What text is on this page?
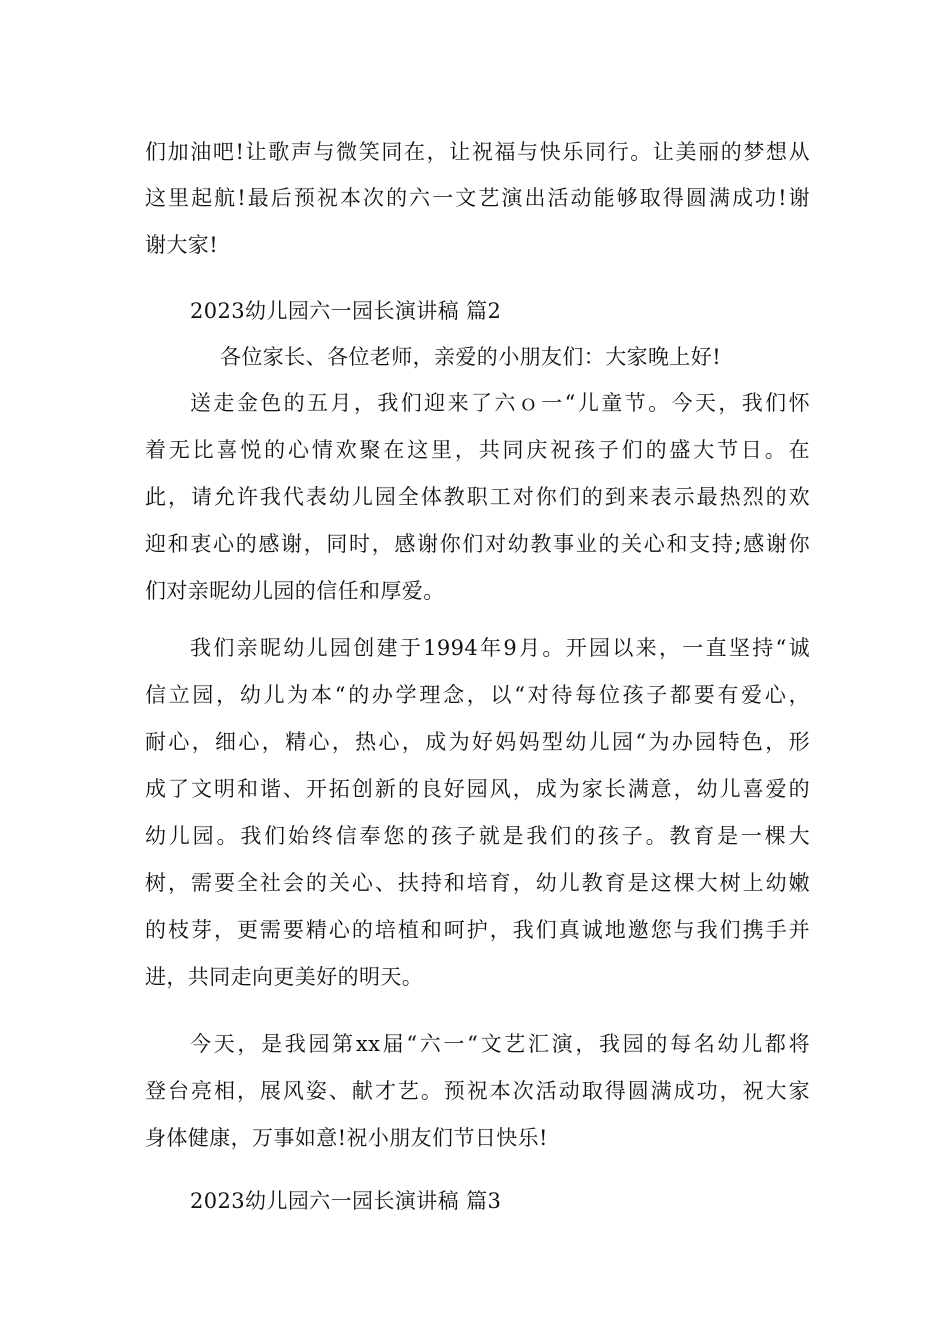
们加油吧!让歌声与微笑同在，让祝福与快乐同行。让美丽的梦想从
这里起航!最后预祝本次的六一文艺演出活动能够取得圆满成功!谢
谢大家!
2023幼儿园六一园长演讲稿 篇2
各位家长、各位老师，亲爱的小朋友们：大家晚上好!
送走金色的五月，我们迎来了六ｏ一“儿童节。今天，我们怀
着无比喜悦的心情欢聚在这里，共同庆祝孩子们的盛大节日。在
此，请允许我代表幼儿园全体教职工对你们的到来表示最热烈的欢
迎和衷心的感谢，同时，感谢你们对幼教事业的关心和支持;感谢你
们对亲昵幼儿园的信任和厚爱。
我们亲昵幼儿园创建于1994年9月。开园以来，一直坚持“诚
信立园，幼儿为本“的办学理念，以“对待每位孩子都要有爱心，
耐心，细心，精心，热心，成为好妈妈型幼儿园“为办园特色，形
成了文明和谐、开拓创新的良好园风，成为家长满意，幼儿喜爱的
幼儿园。我们始终信奉您的孩子就是我们的孩子。教育是一棵大
树，需要全社会的关心、扶持和培育，幼儿教育是这棵大树上幼嫩
的枝芽，更需要精心的培植和呵护，我们真诚地邀您与我们携手并
进，共同走向更美好的明天。
今天，是我园第xx届“六一“文艺汇演，我园的每名幼儿都将
登台亮相，展风姿、献才艺。预祝本次活动取得圆满成功，祝大家
身体健康，万事如意!祝小朋友们节日快乐!
2023幼儿园六一园长演讲稿 篇3
